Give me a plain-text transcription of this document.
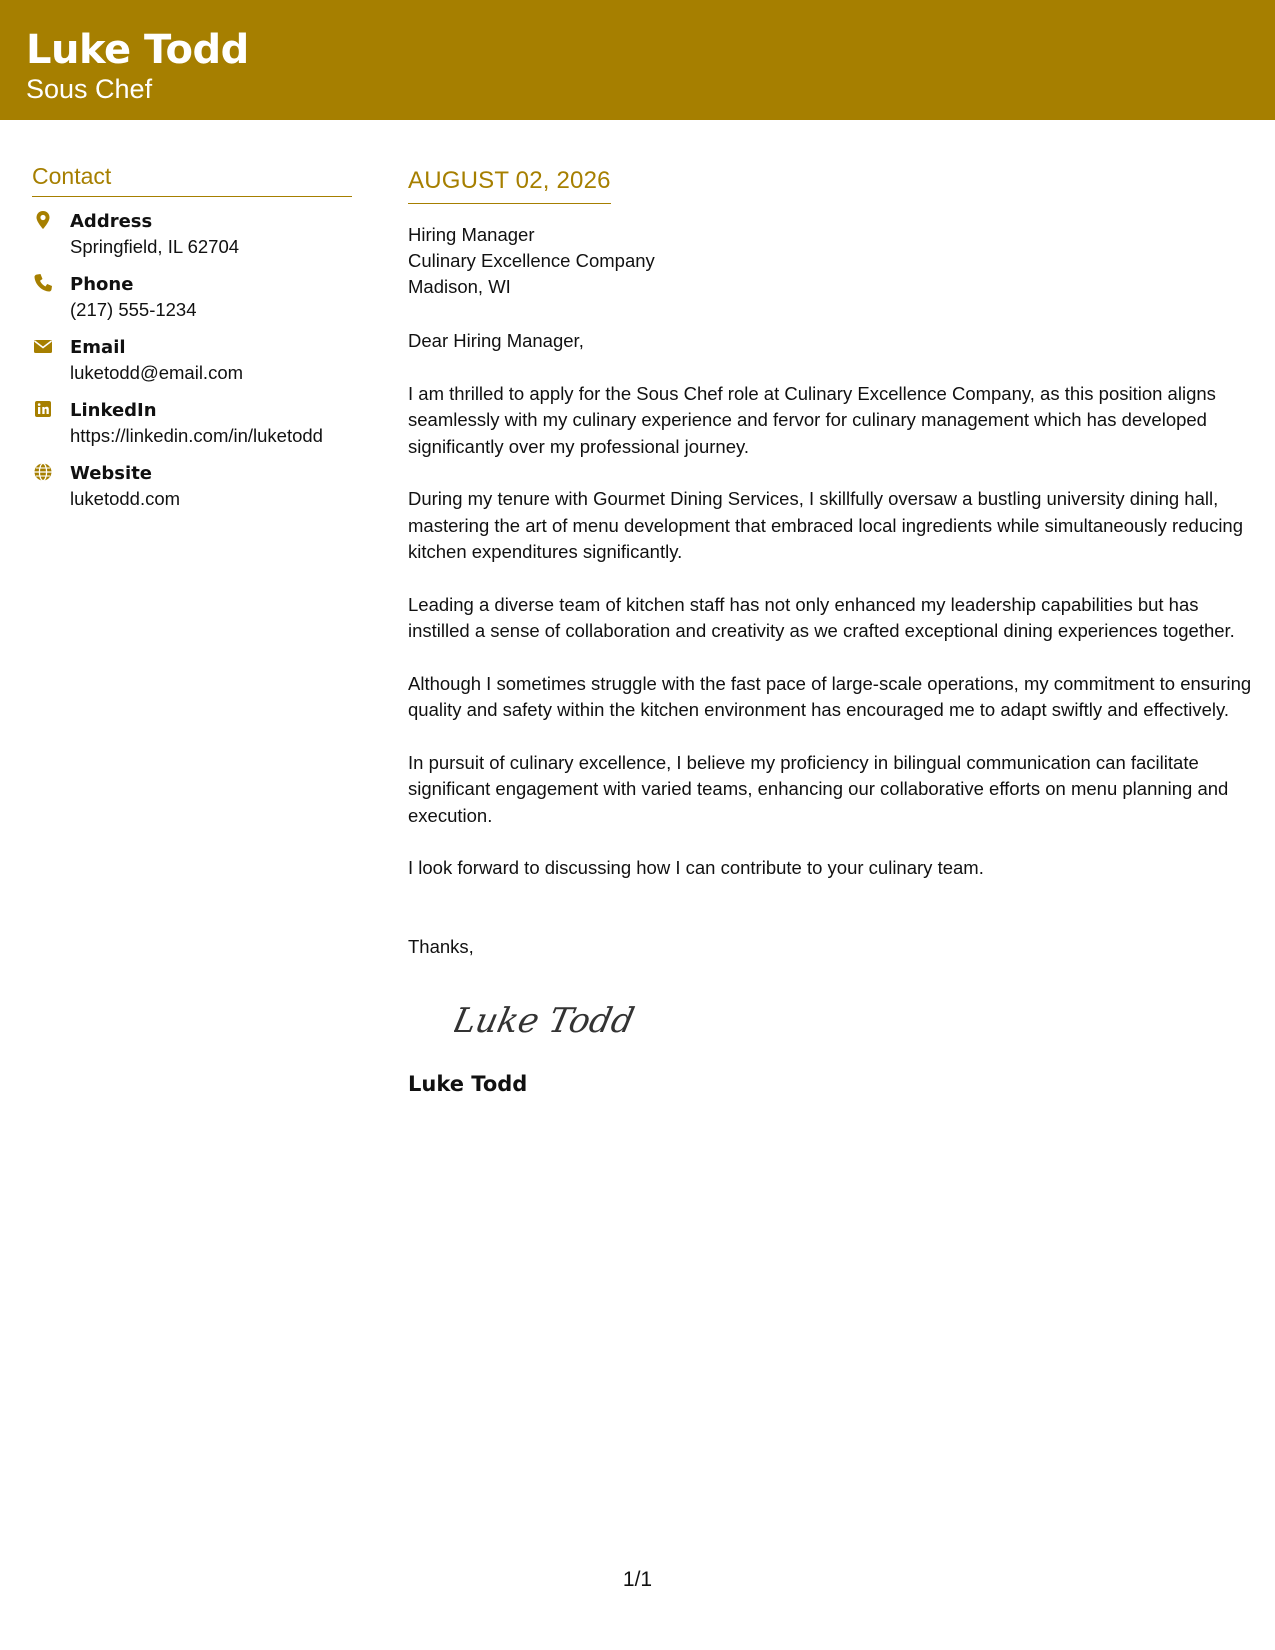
Luke Todd
Sous Chef
Contact
Address
Springfield, IL 62704
Phone
(217) 555-1234
Email
luketodd@email.com
LinkedIn
https://linkedin.com/in/luketodd
Website
luketodd.com
AUGUST 02, 2026
Hiring Manager
Culinary Excellence Company
Madison, WI

Dear Hiring Manager,

I am thrilled to apply for the Sous Chef role at Culinary Excellence Company, as this position aligns seamlessly with my culinary experience and fervor for culinary management which has developed significantly over my professional journey.

During my tenure with Gourmet Dining Services, I skillfully oversaw a bustling university dining hall, mastering the art of menu development that embraced local ingredients while simultaneously reducing kitchen expenditures significantly.

Leading a diverse team of kitchen staff has not only enhanced my leadership capabilities but has instilled a sense of collaboration and creativity as we crafted exceptional dining experiences together.

Although I sometimes struggle with the fast pace of large-scale operations, my commitment to ensuring quality and safety within the kitchen environment has encouraged me to adapt swiftly and effectively.

In pursuit of culinary excellence, I believe my proficiency in bilingual communication can facilitate significant engagement with varied teams, enhancing our collaborative efforts on menu planning and execution.

I look forward to discussing how I can contribute to your culinary team.

Thanks,

Luke Todd
Luke Todd
1/1
